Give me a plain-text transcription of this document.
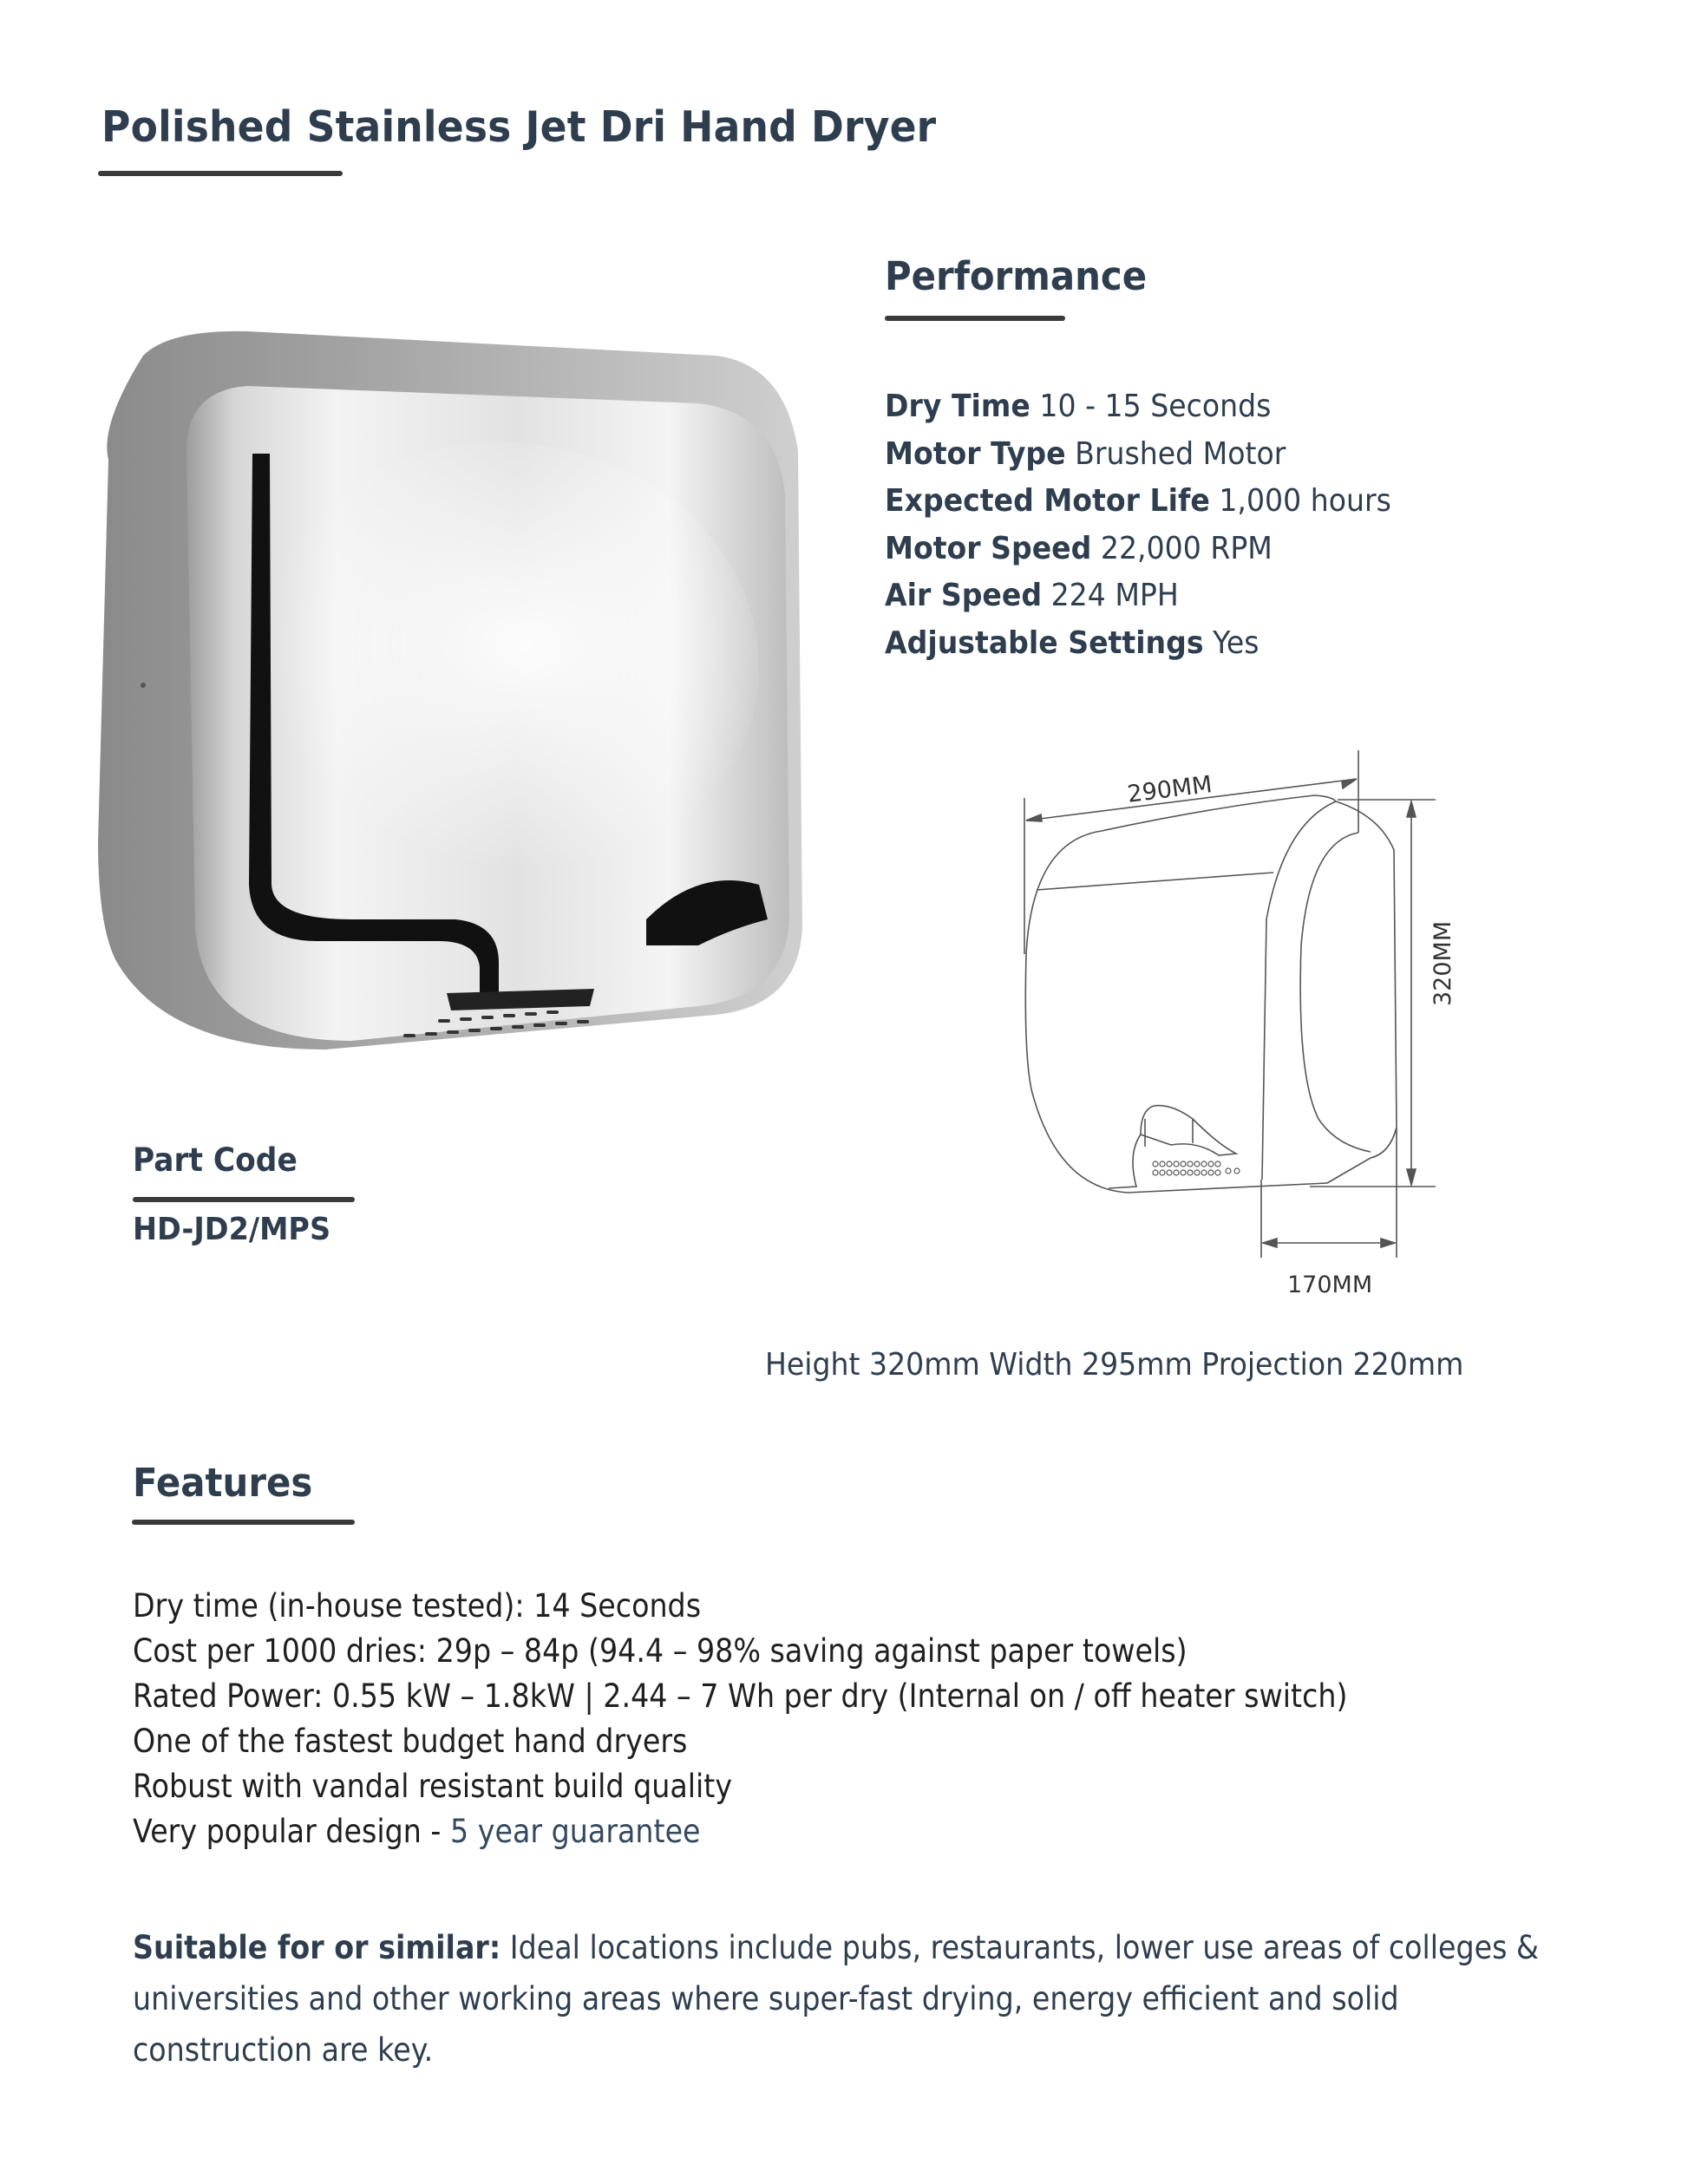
Polished Stainless Jet Dri Hand Dryer
Performance
Dry Time 10 - 15 Seconds
Motor Type Brushed Motor
Expected Motor Life 1,000 hours
Motor Speed 22,000 RPM
Air Speed 224 MPH
Adjustable Settings Yes
290MM
320MM
170MM
Part Code
HD-JD2/MPS
Height 320mm Width 295mm Projection 220mm
Features
Dry time (in-house tested): 14 Seconds
Cost per 1000 dries: 29p – 84p (94.4 – 98% saving against paper towels)
Rated Power: 0.55 kW – 1.8kW | 2.44 – 7 Wh per dry (Internal on / off heater switch)
One of the fastest budget hand dryers
Robust with vandal resistant build quality
Very popular design - 5 year guarantee

Suitable for or similar: Ideal locations include pubs, restaurants, lower use areas of colleges & universities and other working areas where super-fast drying, energy efficient and solid construction are key.
